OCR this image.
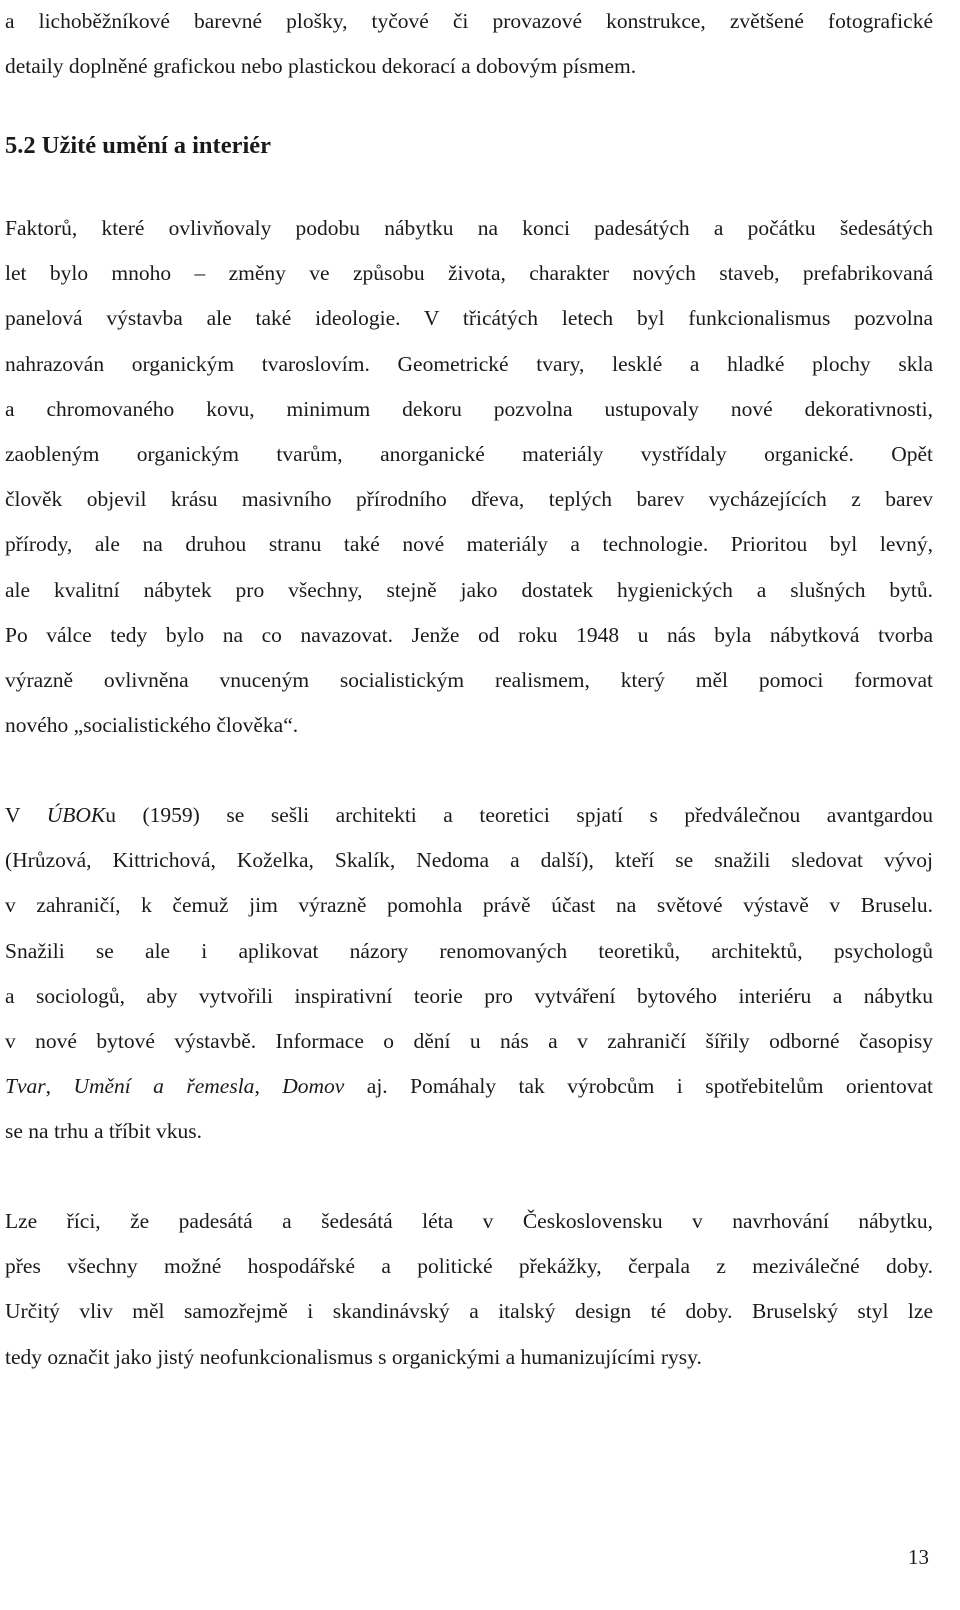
a lichoběžníkové barevné plošky, tyčové či provazové konstrukce, zvětšené fotografické
detaily doplněné grafickou nebo plastickou dekorací a dobovým písmem.
5.2 Užité umění a interiér
Faktorů, které ovlivňovaly podobu nábytku na konci padesátých a počátku šedesátých
let bylo mnoho – změny ve způsobu života, charakter nových staveb, prefabrikovaná
panelová výstavba ale také ideologie. V třicátých letech byl funkcionalismus pozvolna
nahrazován organickým tvaroslovím. Geometrické tvary, lesklé a hladké plochy skla
a chromovaného kovu, minimum dekoru pozvolna ustupovaly nové dekorativnosti,
zaobleným organickým tvarům, anorganické materiály vystřídaly organické. Opět
člověk objevil krásu masivního přírodního dřeva, teplých barev vycházejících z barev
přírody, ale na druhou stranu také nové materiály a technologie. Prioritou byl levný,
ale kvalitní nábytek pro všechny, stejně jako dostatek hygienických a slušných bytů.
Po válce tedy bylo na co navazovat. Jenže od roku 1948 u nás byla nábytková tvorba
výrazně ovlivněna vnuceným socialistickým realismem, který měl pomoci formovat
nového „socialistického člověka“.
V ÚBOKu (1959) se sešli architekti a teoretici spjatí s předválečnou avantgardou
(Hrůzová, Kittrichová, Koželka, Skalík, Nedoma a další), kteří se snažili sledovat vývoj
v zahraničí, k čemuž jim výrazně pomohla právě účast na světové výstavě v Bruselu.
Snažili se ale i aplikovat názory renomovaných teoretiků, architektů, psychologů
a sociologů, aby vytvořili inspirativní teorie pro vytváření bytového interiéru a nábytku
v nové bytové výstavbě. Informace o dění u nás a v zahraničí šířily odborné časopisy
Tvar, Umění a řemesla, Domov aj. Pomáhaly tak výrobcům i spotřebitelům orientovat
se na trhu a tříbit vkus.
Lze říci, že padesátá a šedesátá léta v Československu v navrhování nábytku,
přes všechny možné hospodářské a politické překážky, čerpala z meziválečné doby.
Určitý vliv měl samozřejmě i skandinávský a italský design té doby. Bruselský styl lze
tedy označit jako jistý neofunkcionalismus s organickými a humanizujícími rysy.
13
